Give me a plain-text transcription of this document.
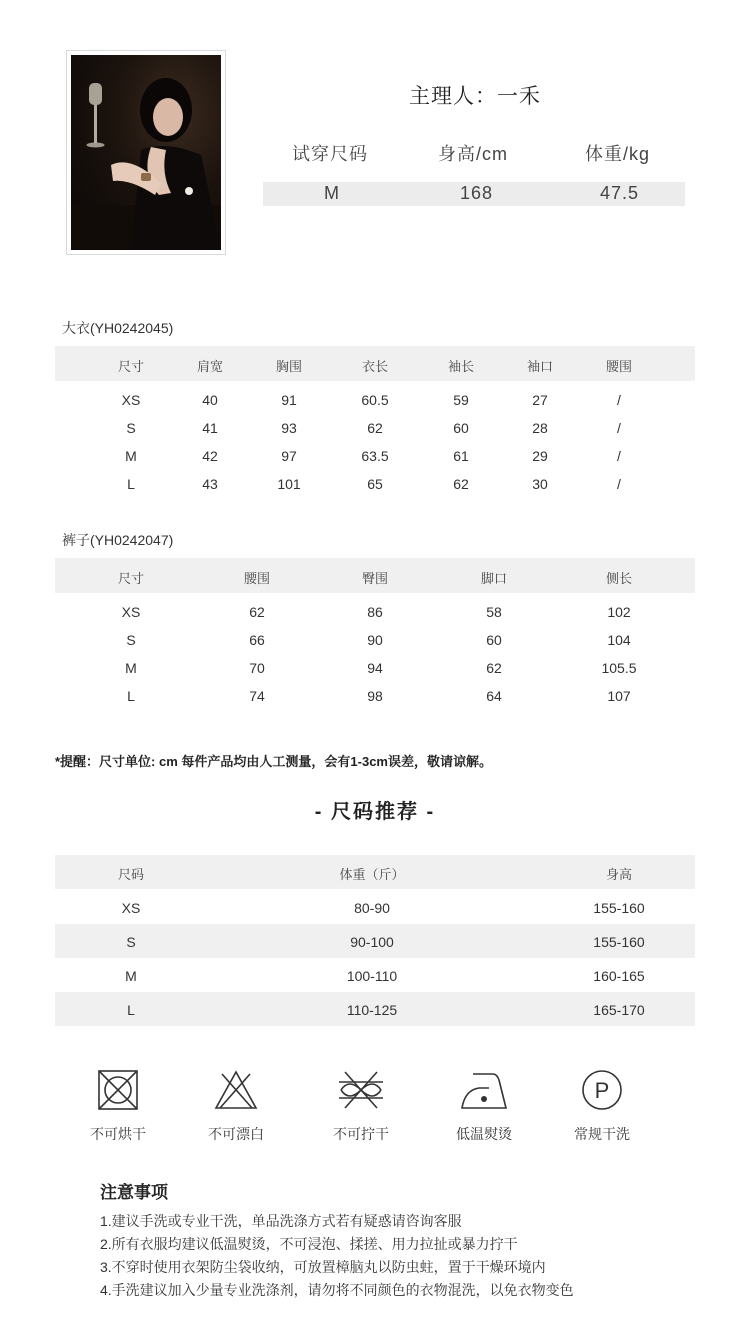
主理人：一禾
试穿尺码	身高/cm	体重/kg
M	168	47.5
大衣(YH0242045)
尺寸	肩宽	胸围	衣长	袖长	袖口	腰围
XS	40	91	60.5	59	27	/
S	41	93	62	60	28	/
M	42	97	63.5	61	29	/
L	43	101	65	62	30	/
裤子(YH0242047)
尺寸	腰围	臀围	脚口	侧长
XS	62	86	58	102
S	66	90	60	104
M	70	94	62	105.5
L	74	98	64	107
*提醒：尺寸单位: cm 每件产品均由人工测量，会有1-3cm误差，敬请谅解。
- 尺码推荐 -
尺码	体重（斤）	身高
XS	80-90	155-160
S	90-100	155-160
M	100-110	160-165
L	110-125	165-170
不可烘干	不可漂白	不可拧干	低温熨烫
P
常规干洗
注意事项
1.建议手洗或专业干洗，单品洗涤方式若有疑惑请咨询客服
2.所有衣服均建议低温熨烫，不可浸泡、揉搓、用力拉扯或暴力拧干
3.不穿时使用衣架防尘袋收纳，可放置樟脑丸以防虫蛀，置于干燥环境内
4.手洗建议加入少量专业洗涤剂，请勿将不同颜色的衣物混洗，以免衣物变色
